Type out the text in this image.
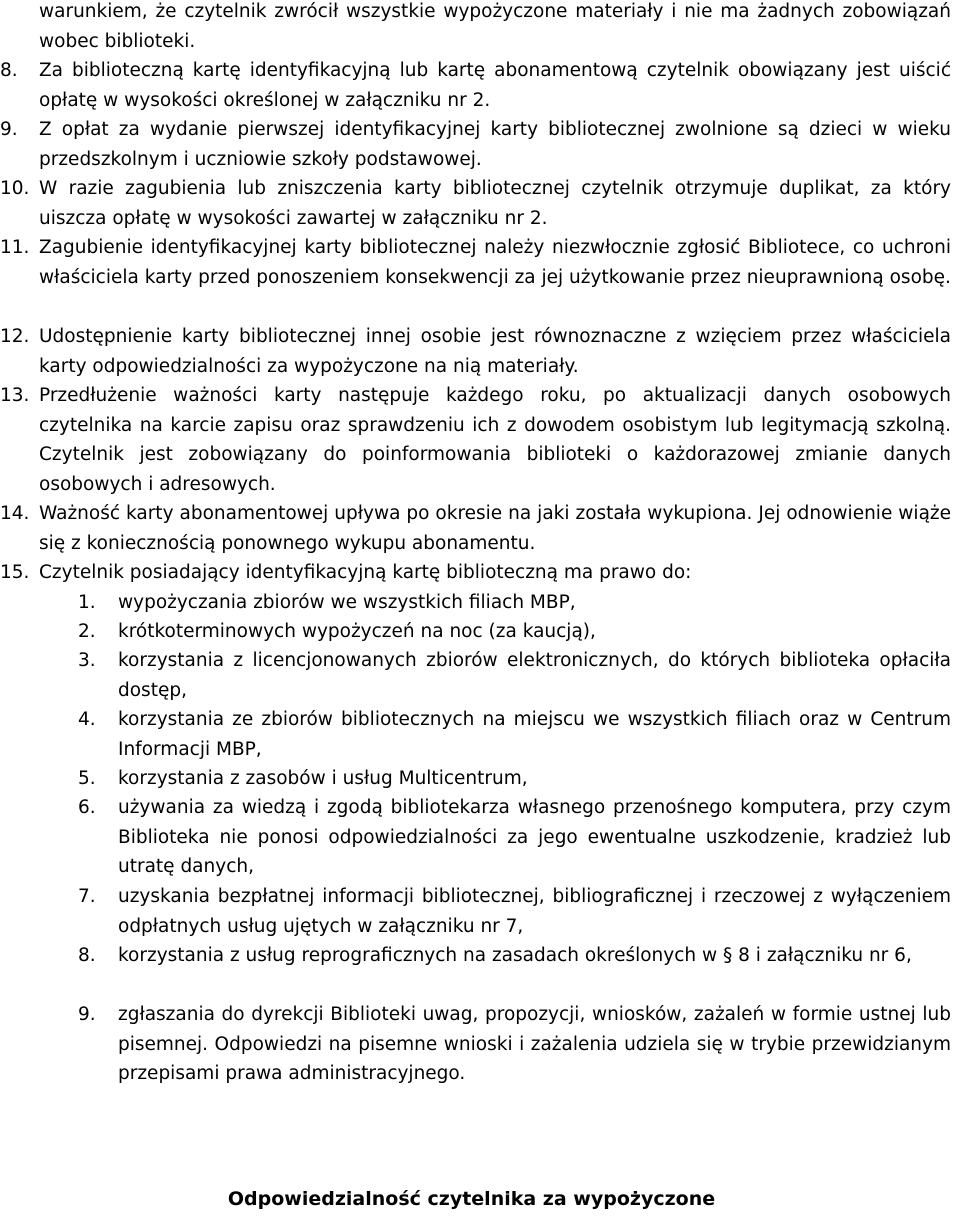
warunkiem, że czytelnik zwrócił wszystkie wypożyczone materiały i nie ma żadnych zobowiązań wobec biblioteki.

8.	Za biblioteczną kartę identyfikacyjną lub kartę abonamentową czytelnik obowiązany jest uiścić opłatę w wysokości określonej w załączniku nr 2.
9.	Z opłat za wydanie pierwszej identyfikacyjnej karty bibliotecznej zwolnione są dzieci w wieku przedszkolnym i uczniowie szkoły podstawowej.
10. W razie zagubienia lub zniszczenia karty bibliotecznej czytelnik otrzymuje duplikat, za który uiszcza opłatę w wysokości zawartej w załączniku nr 2.
11. Zagubienie identyfikacyjnej karty bibliotecznej należy niezwłocznie zgłosić Bibliotece, co uchroni właściciela karty przed ponoszeniem konsekwencji za jej użytkowanie przez nieuprawnioną osobę.
12. Udostępnienie karty bibliotecznej innej osobie jest równoznaczne z wzięciem przez właściciela karty odpowiedzialności za wypożyczone na nią materiały.
13. Przedłużenie ważności karty następuje każdego roku, po aktualizacji danych osobowych czytelnika na karcie zapisu oraz sprawdzeniu ich z dowodem osobistym lub legitymacją szkolną. Czytelnik jest zobowiązany do poinformowania biblioteki o każdorazowej zmianie danych osobowych i adresowych.
14. Ważność karty abonamentowej upływa po okresie na jaki została wykupiona. Jej odnowienie wiąże się z koniecznością ponownego wykupu abonamentu.
15. Czytelnik posiadający identyfikacyjną kartę biblioteczną ma prawo do:
1.	wypożyczania zbiorów we wszystkich filiach MBP,
2.	krótkoterminowych wypożyczeń na noc (za kaucją),
3.	korzystania z licencjonowanych zbiorów elektronicznych, do których biblioteka opłaciła dostęp,
4.	korzystania ze zbiorów bibliotecznych na miejscu we wszystkich filiach oraz w Centrum Informacji MBP,
5.	korzystania z zasobów i usług Multicentrum,
6.	używania za wiedzą i zgodą bibliotekarza własnego przenośnego komputera, przy czym Biblioteka nie ponosi odpowiedzialności za jego ewentualne uszkodzenie, kradzież lub utratę danych,
7.	uzyskania bezpłatnej informacji bibliotecznej, bibliograficznej i rzeczowej z wyłączeniem odpłatnych usług ujętych w załączniku nr 7,
8.	korzystania z usług reprograficznych na zasadach określonych w § 8 i załączniku nr 6,
9.	zgłaszania do dyrekcji Biblioteki uwag, propozycji, wniosków, zażaleń w formie ustnej lub pisemnej. Odpowiedzi na pisemne wnioski i zażalenia udziela się w trybie przewidzianym przepisami prawa administracyjnego.
Odpowiedzialność czytelnika za wypożyczone
